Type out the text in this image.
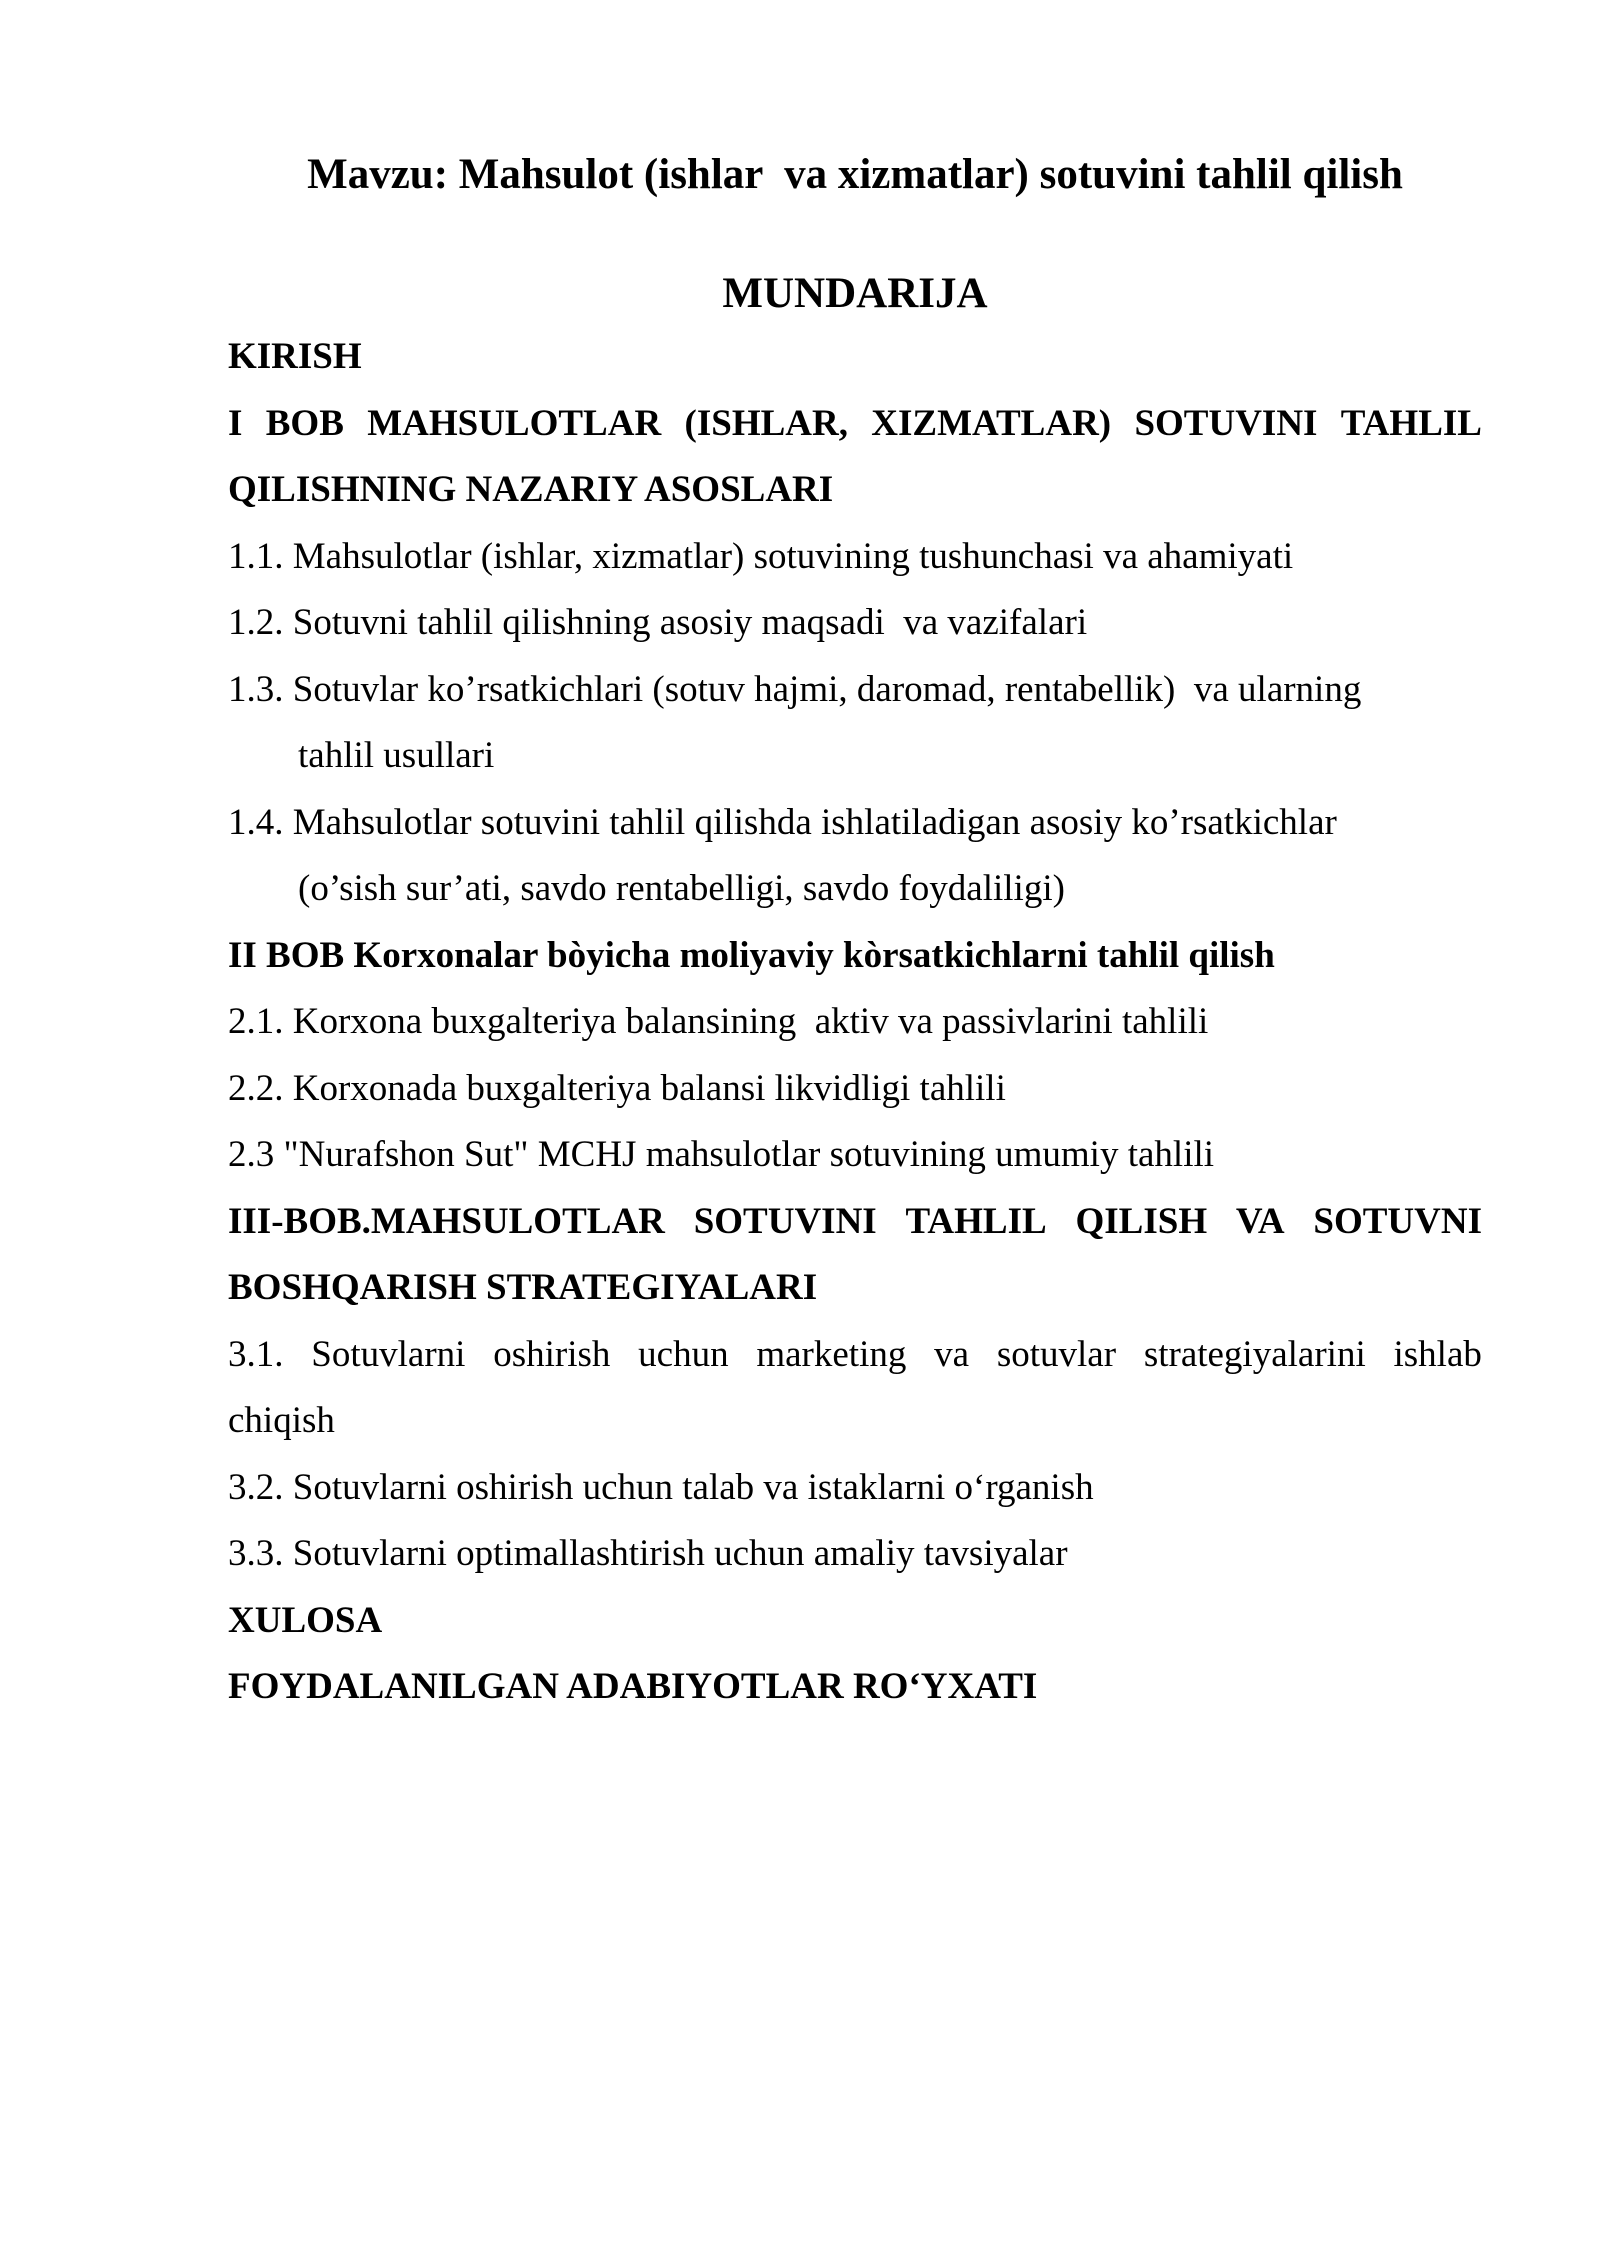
Mavzu: Mahsulot (ishlar  va xizmatlar) sotuvini tahlil qilish
MUNDARIJA
KIRISH
I BOB MAHSULOTLAR (ISHLAR, XIZMATLAR) SOTUVINI TAHLIL
QILISHNING NAZARIY ASOSLARI
1.1. Mahsulotlar (ishlar, xizmatlar) sotuvining tushunchasi va ahamiyati
1.2. Sotuvni tahlil qilishning asosiy maqsadi  va vazifalari
1.3. Sotuvlar ko’rsatkichlari (sotuv hajmi, daromad, rentabellik)  va ularning
tahlil usullari
1.4. Mahsulotlar sotuvini tahlil qilishda ishlatiladigan asosiy ko’rsatkichlar
(o’sish sur’ati, savdo rentabelligi, savdo foydaliligi)
II BOB Korxonalar bòyicha moliyaviy kòrsatkichlarni tahlil qilish
2.1. Korxona buxgalteriya balansining  aktiv va passivlarini tahlili
2.2. Korxonada buxgalteriya balansi likvidligi tahlili
2.3 "Nurafshon Sut" MCHJ mahsulotlar sotuvining umumiy tahlili
III-BOB.MAHSULOTLAR SOTUVINI TAHLIL QILISH VA SOTUVNI
BOSHQARISH STRATEGIYALARI
3.1. Sotuvlarni oshirish uchun marketing va sotuvlar strategiyalarini ishlab
chiqish
3.2. Sotuvlarni oshirish uchun talab va istaklarni oʻrganish
3.3. Sotuvlarni optimallashtirish uchun amaliy tavsiyalar
XULOSA
FOYDALANILGAN ADABIYOTLAR ROʻYXATI
